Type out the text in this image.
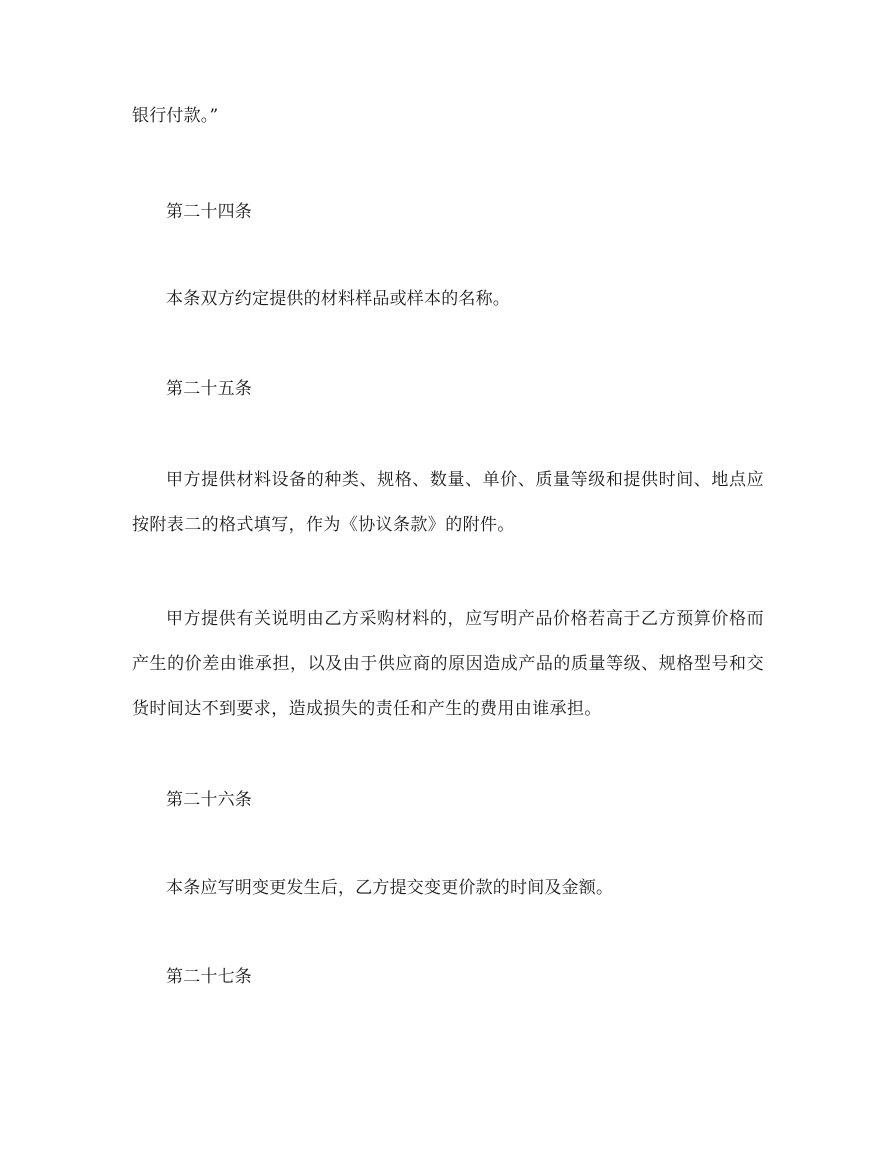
银行付款。”
第二十四条
本条双方约定提供的材料样品或样本的名称。
第二十五条
甲方提供材料设备的种类、规格、数量、单价、质量等级和提供时间、地点应按附表二的格式填写，作为《协议条款》的附件。
甲方提供有关说明由乙方采购材料的，应写明产品价格若高于乙方预算价格而产生的价差由谁承担，以及由于供应商的原因造成产品的质量等级、规格型号和交货时间达不到要求，造成损失的责任和产生的费用由谁承担。
第二十六条
本条应写明变更发生后，乙方提交变更价款的时间及金额。
第二十七条
